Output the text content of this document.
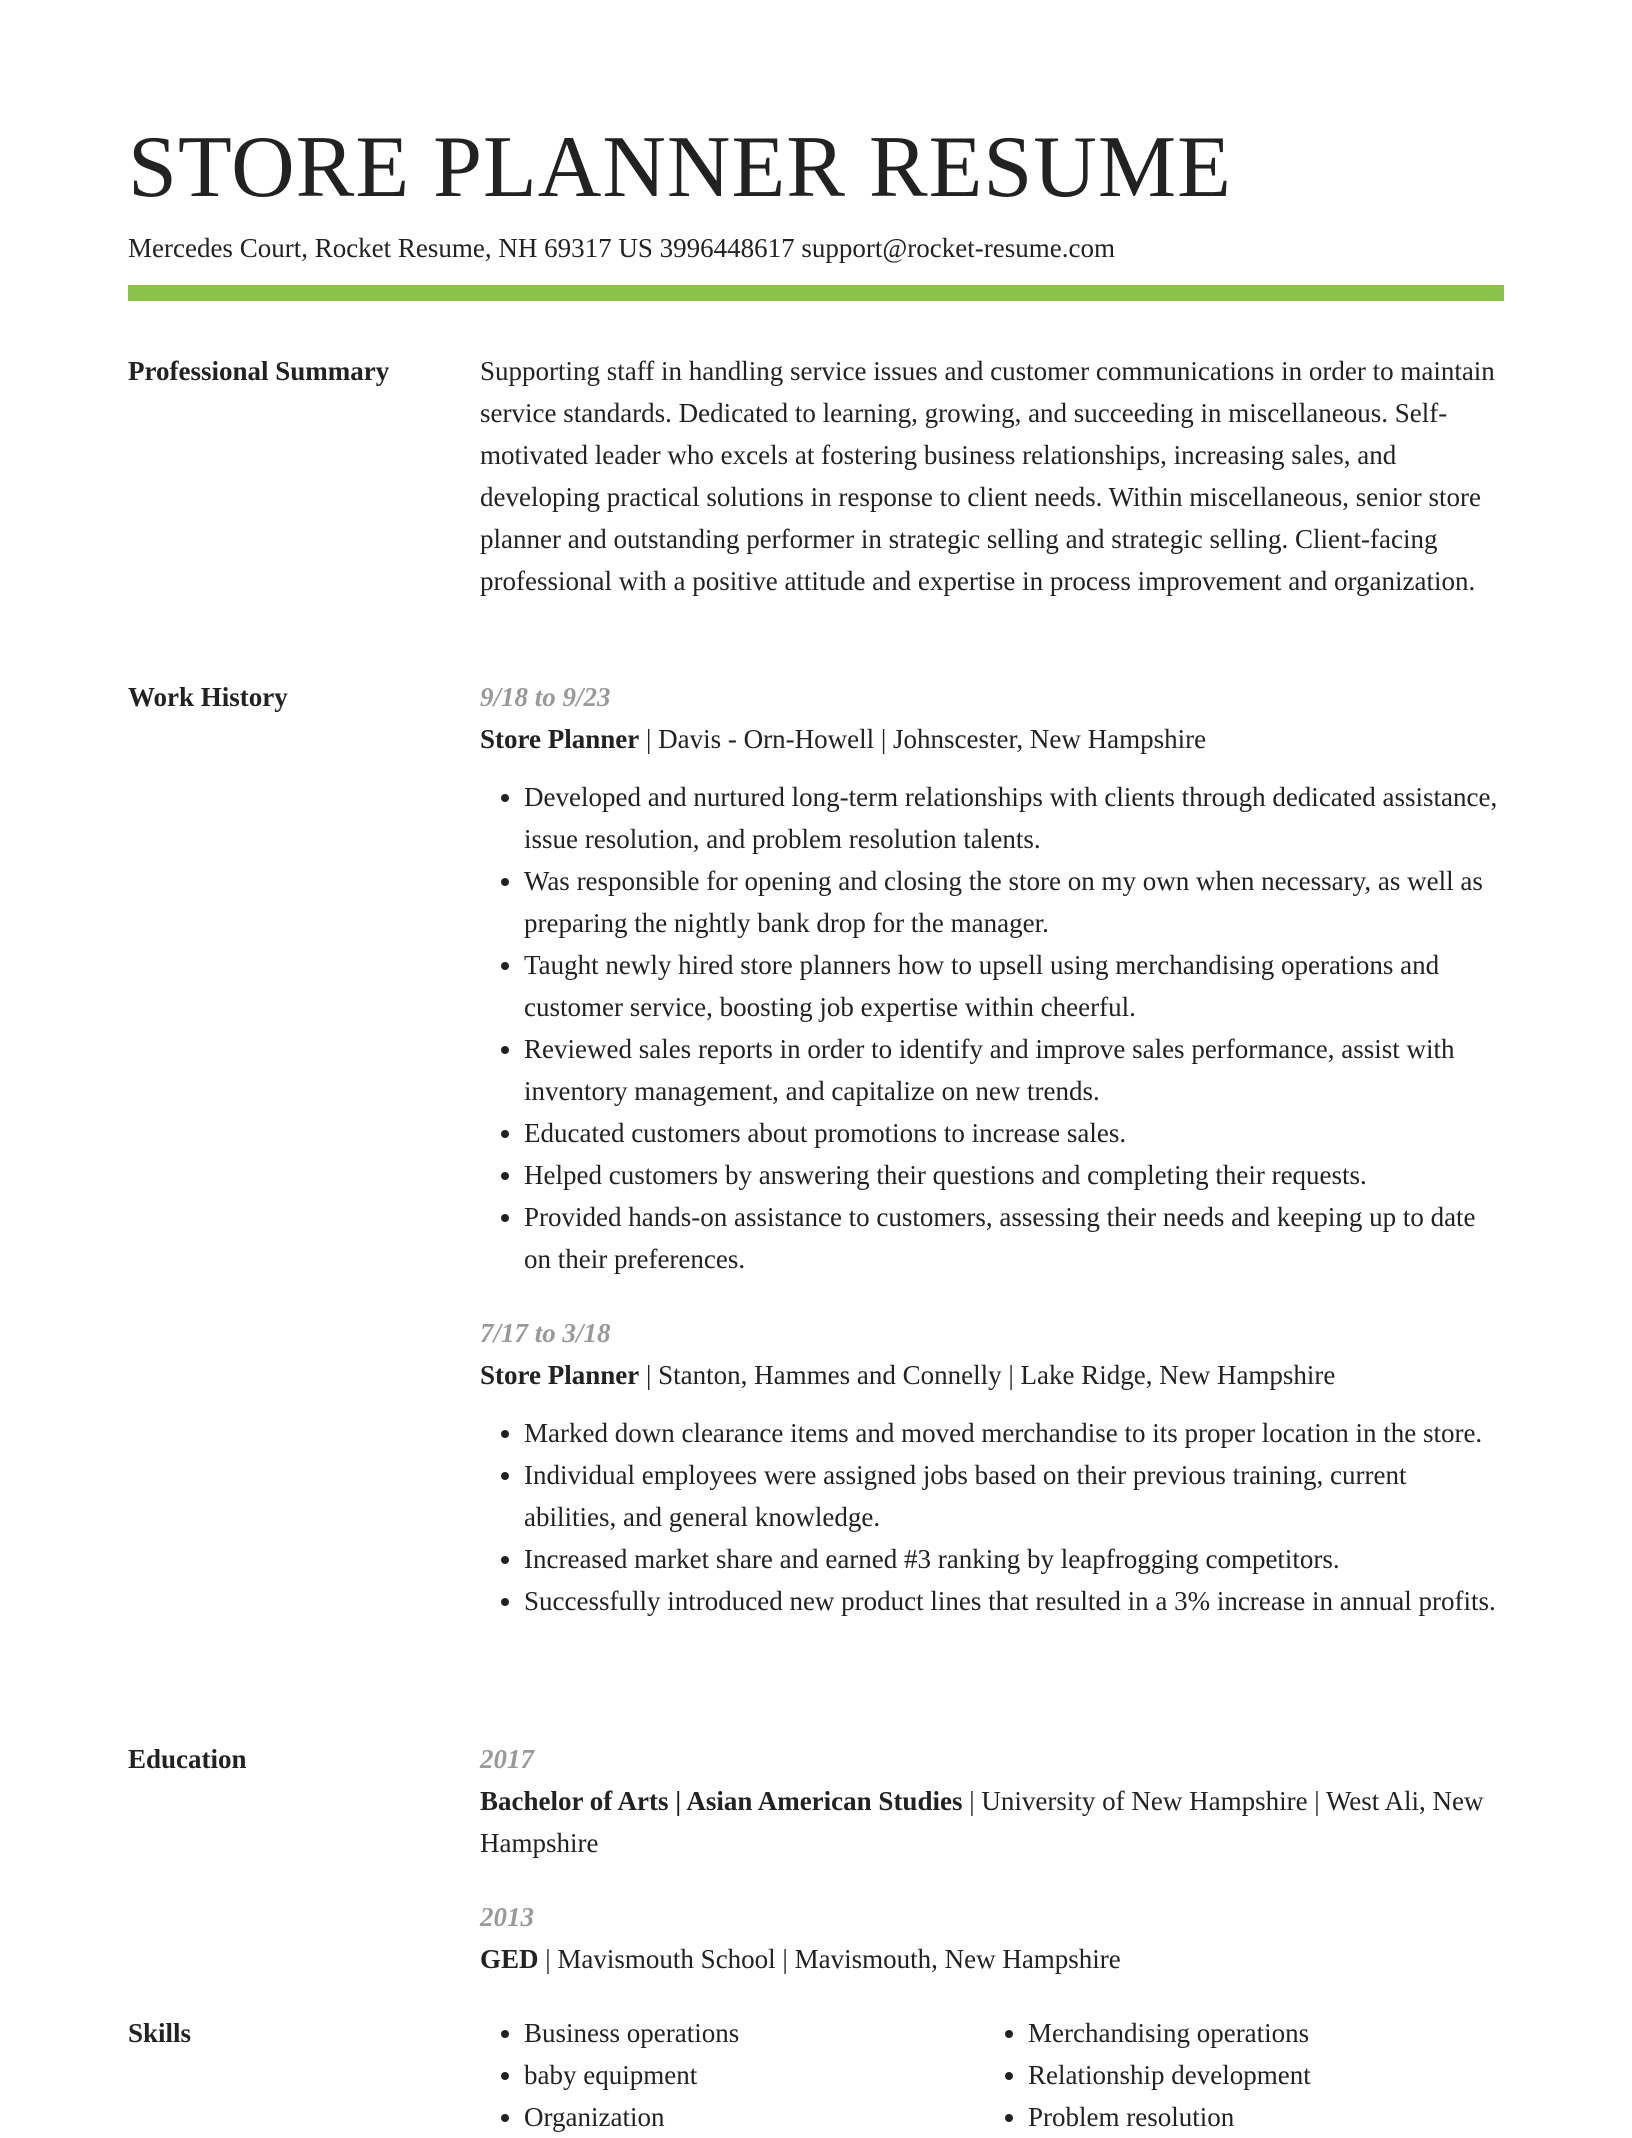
STORE PLANNER RESUME
Mercedes Court, Rocket Resume, NH 69317 US 3996448617 support@rocket-resume.com
Professional Summary	Supporting staff in handling service issues and customer communications in order to maintain service standards. Dedicated to learning, growing, and succeeding in miscellaneous. Self-motivated leader who excels at fostering business relationships, increasing sales, and developing practical solutions in response to client needs. Within miscellaneous, senior store planner and outstanding performer in strategic selling and strategic selling. Client-facing professional with a positive attitude and expertise in process improvement and organization.

Work History	9/18 to 9/23

Store Planner | Davis - Orn-Howell | Johnscester, New Hampshire

• Developed and nurtured long-term relationships with clients through dedicated assistance, issue resolution, and problem resolution talents.
• Was responsible for opening and closing the store on my own when necessary, as well as preparing the nightly bank drop for the manager.
• Taught newly hired store planners how to upsell using merchandising operations and customer service, boosting job expertise within cheerful.
• Reviewed sales reports in order to identify and improve sales performance, assist with inventory management, and capitalize on new trends.
• Educated customers about promotions to increase sales.
• Helped customers by answering their questions and completing their requests.
• Provided hands-on assistance to customers, assessing their needs and keeping up to date on their preferences.

7/17 to 3/18

Store Planner | Stanton, Hammes and Connelly | Lake Ridge, New Hampshire

• Marked down clearance items and moved merchandise to its proper location in the store.
• Individual employees were assigned jobs based on their previous training, current abilities, and general knowledge.
• Increased market share and earned #3 ranking by leapfrogging competitors.
• Successfully introduced new product lines that resulted in a 3% increase in annual profits.
Education	2017

Bachelor of Arts | Asian American Studies | University of New Hampshire | West Ali, New Hampshire

2013

GED | Mavismouth School | Mavismouth, New Hampshire

Skills
•	Business operations
• baby equipment
• Organization
• Merchandising operations
• Relationship development
• Problem resolution
